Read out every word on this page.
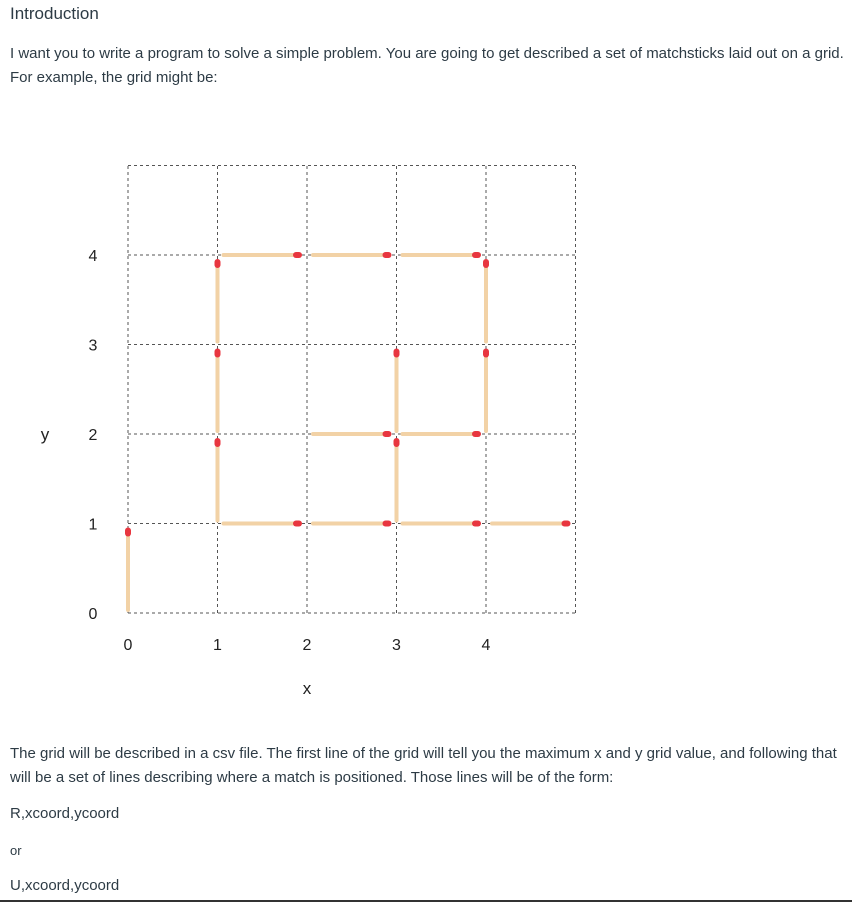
Introduction
I want you to write a program to solve a simple problem. You are going to get described a set of matchsticks laid out on a grid. For example, the grid might be:
0	1	2	3	4
0
1
2
3
4
x
y
The grid will be described in a csv file. The first line of the grid will tell you the maximum x and y grid value, and following that will be a set of lines describing where a match is positioned. Those lines will be of the form:
R,xcoord,ycoord
or
U,xcoord,ycoord
